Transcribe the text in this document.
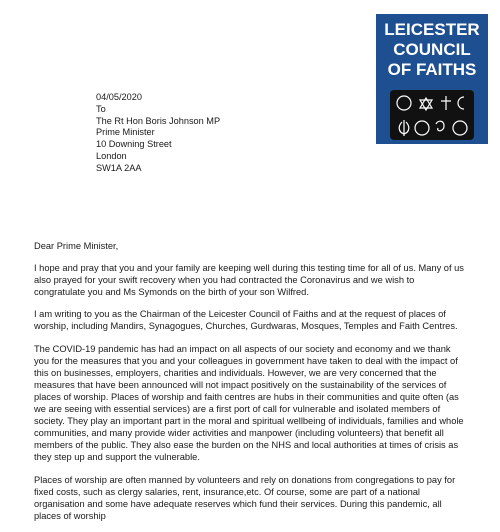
LEICESTER
COUNCIL
OF FAITHS
04/05/2020
To
The Rt Hon Boris Johnson MP
Prime Minister
10 Downing Street
London
SW1A 2AA
Dear Prime Minister,

I hope and pray that you and your family are keeping well during this testing time for all of us. Many of us also prayed for your swift recovery when you had contracted the Coronavirus and we wish to congratulate you and Ms Symonds on the birth of your son Wilfred.

I am writing to you as the Chairman of the Leicester Council of Faiths and at the request of places of worship, including Mandirs, Synagogues, Churches, Gurdwaras, Mosques, Temples and Faith Centres.

The COVID-19 pandemic has had an impact on all aspects of our society and economy and we thank you for the measures that you and your colleagues in government have taken to deal with the impact of this on businesses, employers, charities and individuals. However, we are very concerned that the measures that have been announced will not impact positively on the sustainability of the services of places of worship. Places of worship and faith centres are hubs in their communities and quite often (as we are seeing with essential services) are a first port of call for vulnerable and isolated members of society. They play an important part in the moral and spiritual wellbeing of individuals, families and whole communities, and many provide wider activities and manpower (including volunteers) that benefit all members of the public. They also ease the burden on the NHS and local authorities at times of crisis as they step up and support the vulnerable.

Places of worship are often manned by volunteers and rely on donations from congregations to pay for fixed costs, such as clergy salaries, rent, insurance,etc. Of course, some are part of a national organisation and some have adequate reserves which fund their services. During this pandemic, all places of worship
